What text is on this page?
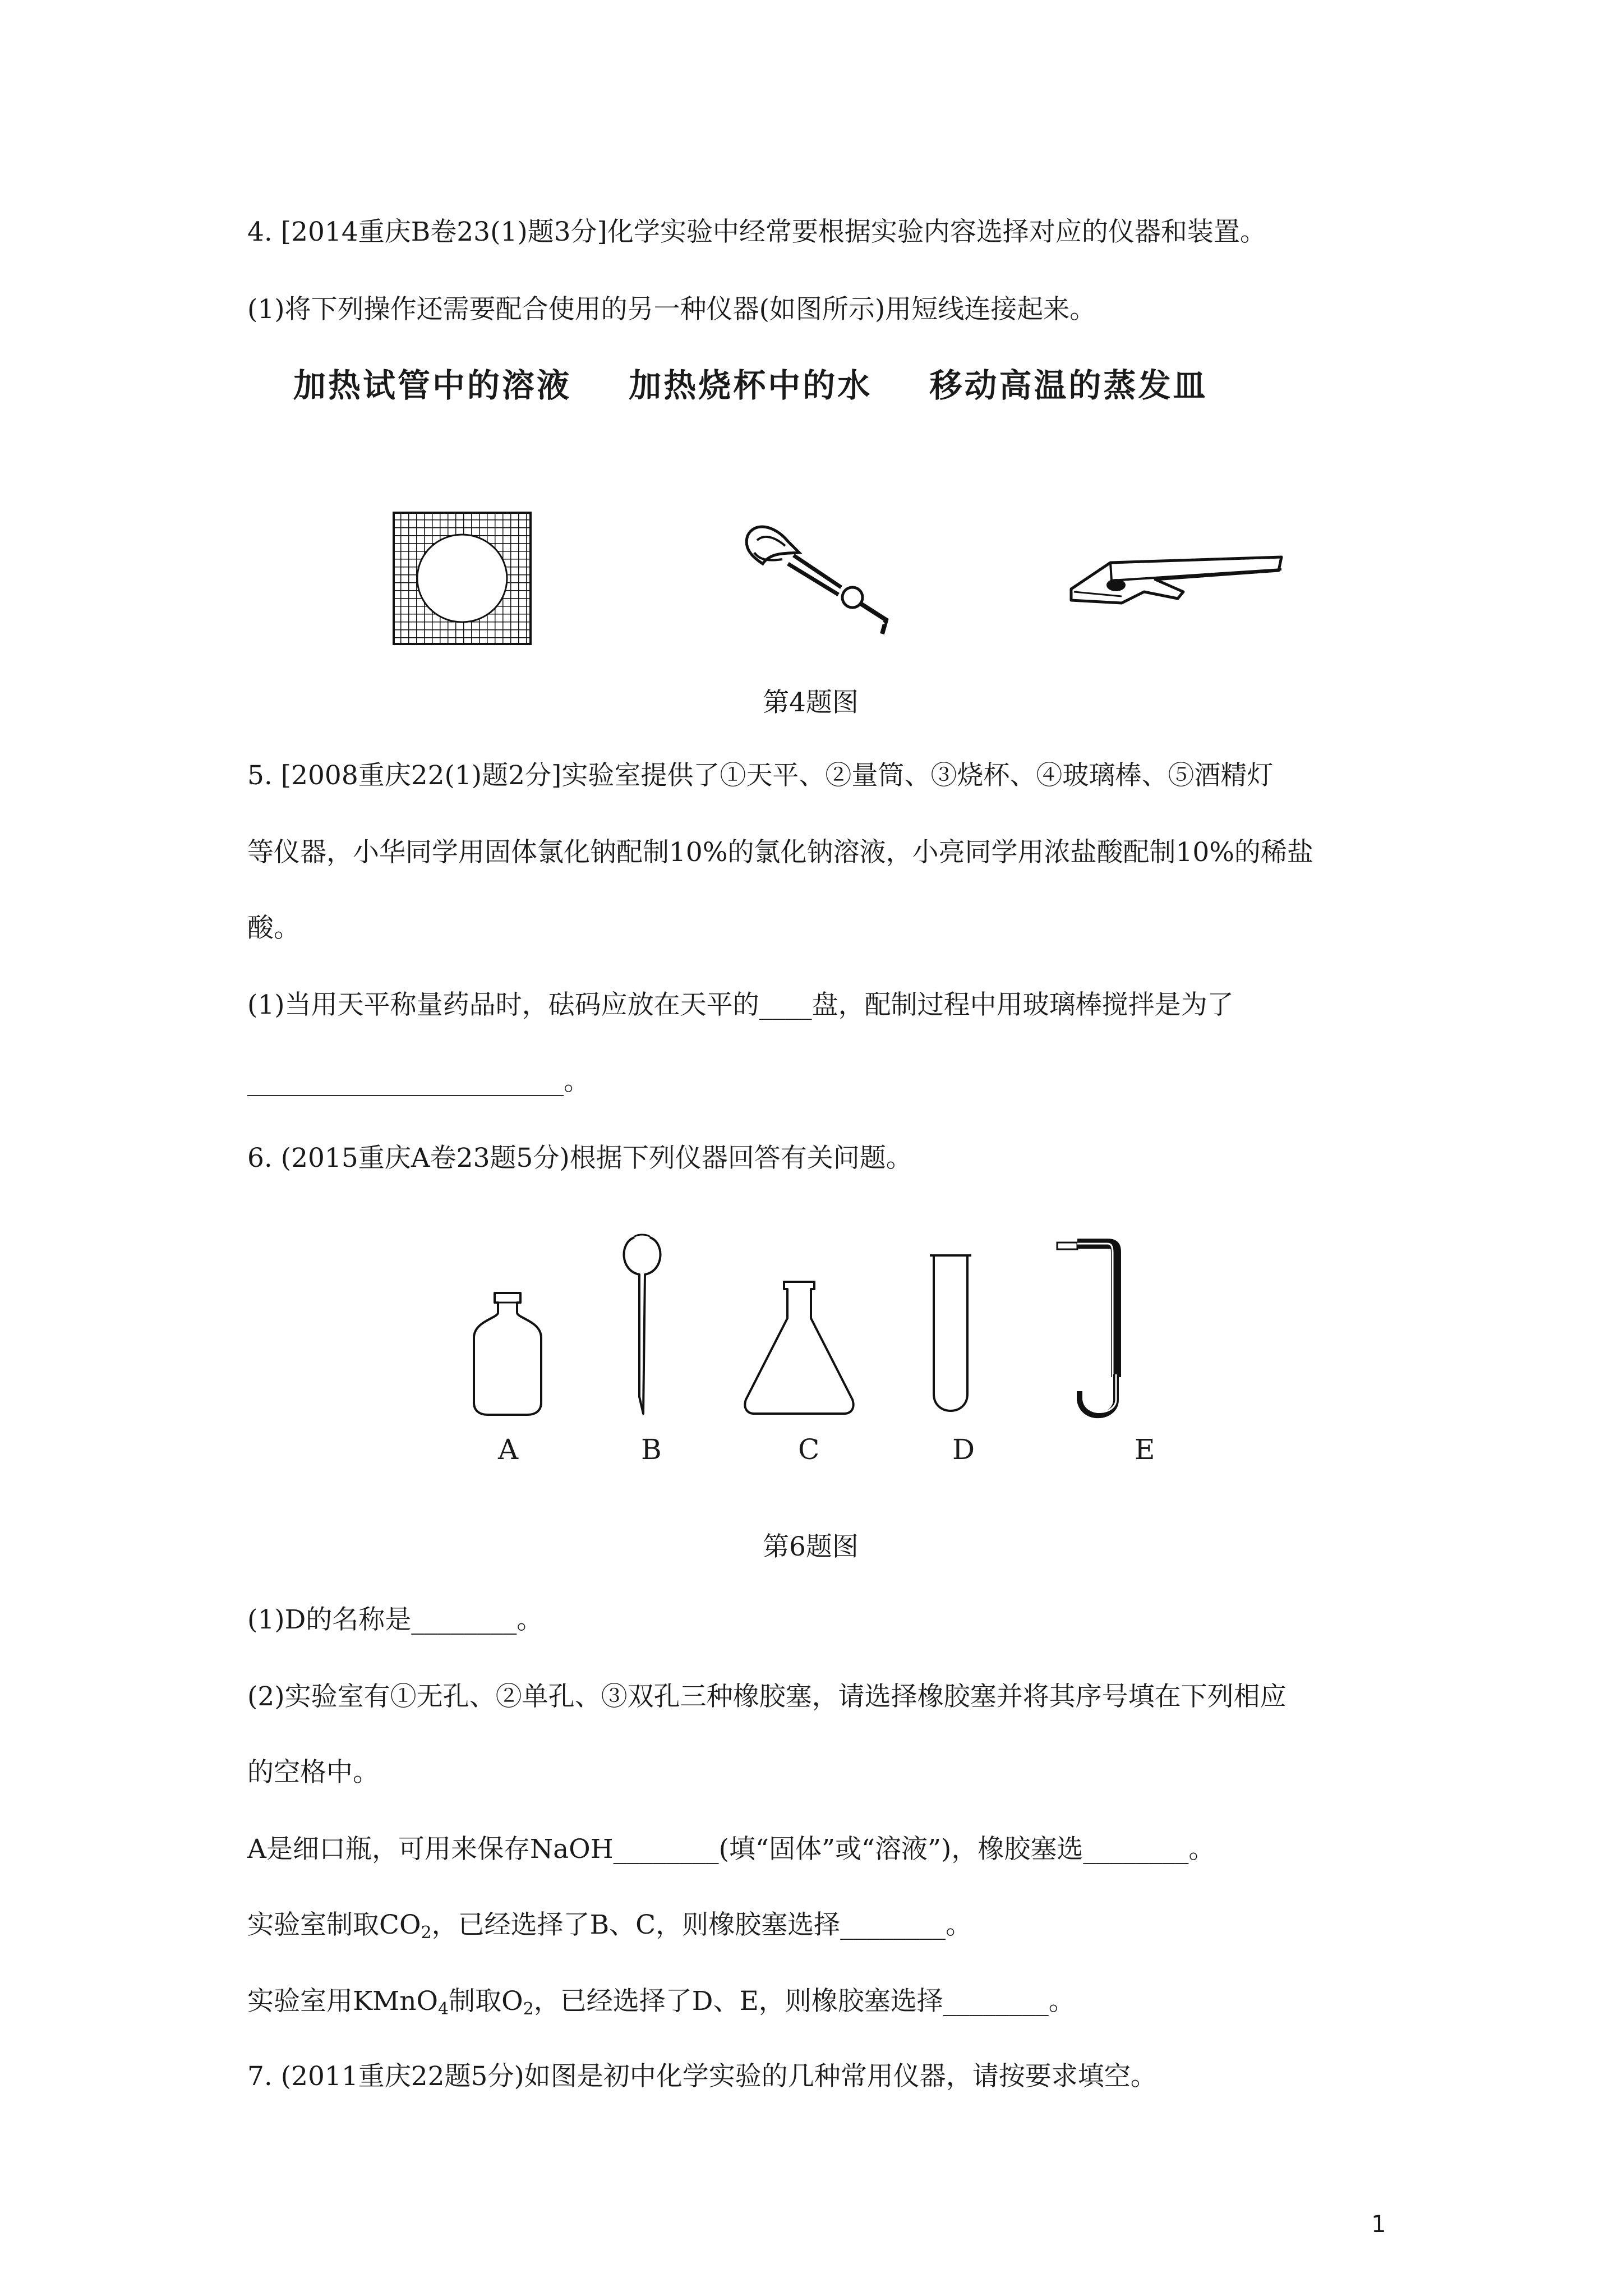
4. [2014重庆B卷23(1)题3分]化学实验中经常要根据实验内容选择对应的仪器和装置。
(1)将下列操作还需要配合使用的另一种仪器(如图所示)用短线连接起来。
加热试管中的溶液 加热烧杯中的水 移动高温的蒸发皿
第4题图
5. [2008重庆22(1)题2分]实验室提供了①天平、②量筒、③烧杯、④玻璃棒、⑤酒精灯
等仪器，小华同学用固体氯化钠配制10%的氯化钠溶液，小亮同学用浓盐酸配制10%的稀盐
酸。
(1)当用天平称量药品时，砝码应放在天平的____盘，配制过程中用玻璃棒搅拌是为了
________________________。
6. (2015重庆A卷23题5分)根据下列仪器回答有关问题。
A	B	C	D	E
第6题图
(1)D的名称是________。
(2)实验室有①无孔、②单孔、③双孔三种橡胶塞，请选择橡胶塞并将其序号填在下列相应
的空格中。
A是细口瓶，可用来保存NaOH________(填“固体”或“溶液”)，橡胶塞选________。
实验室制取$CO_2$，已经选择了B、C，则橡胶塞选择________。
实验室用KMnO$_4$制取$O_2$，已经选择了D、E，则橡胶塞选择________。
7. (2011重庆22题5分)如图是初中化学实验的几种常用仪器，请按要求填空。
1
